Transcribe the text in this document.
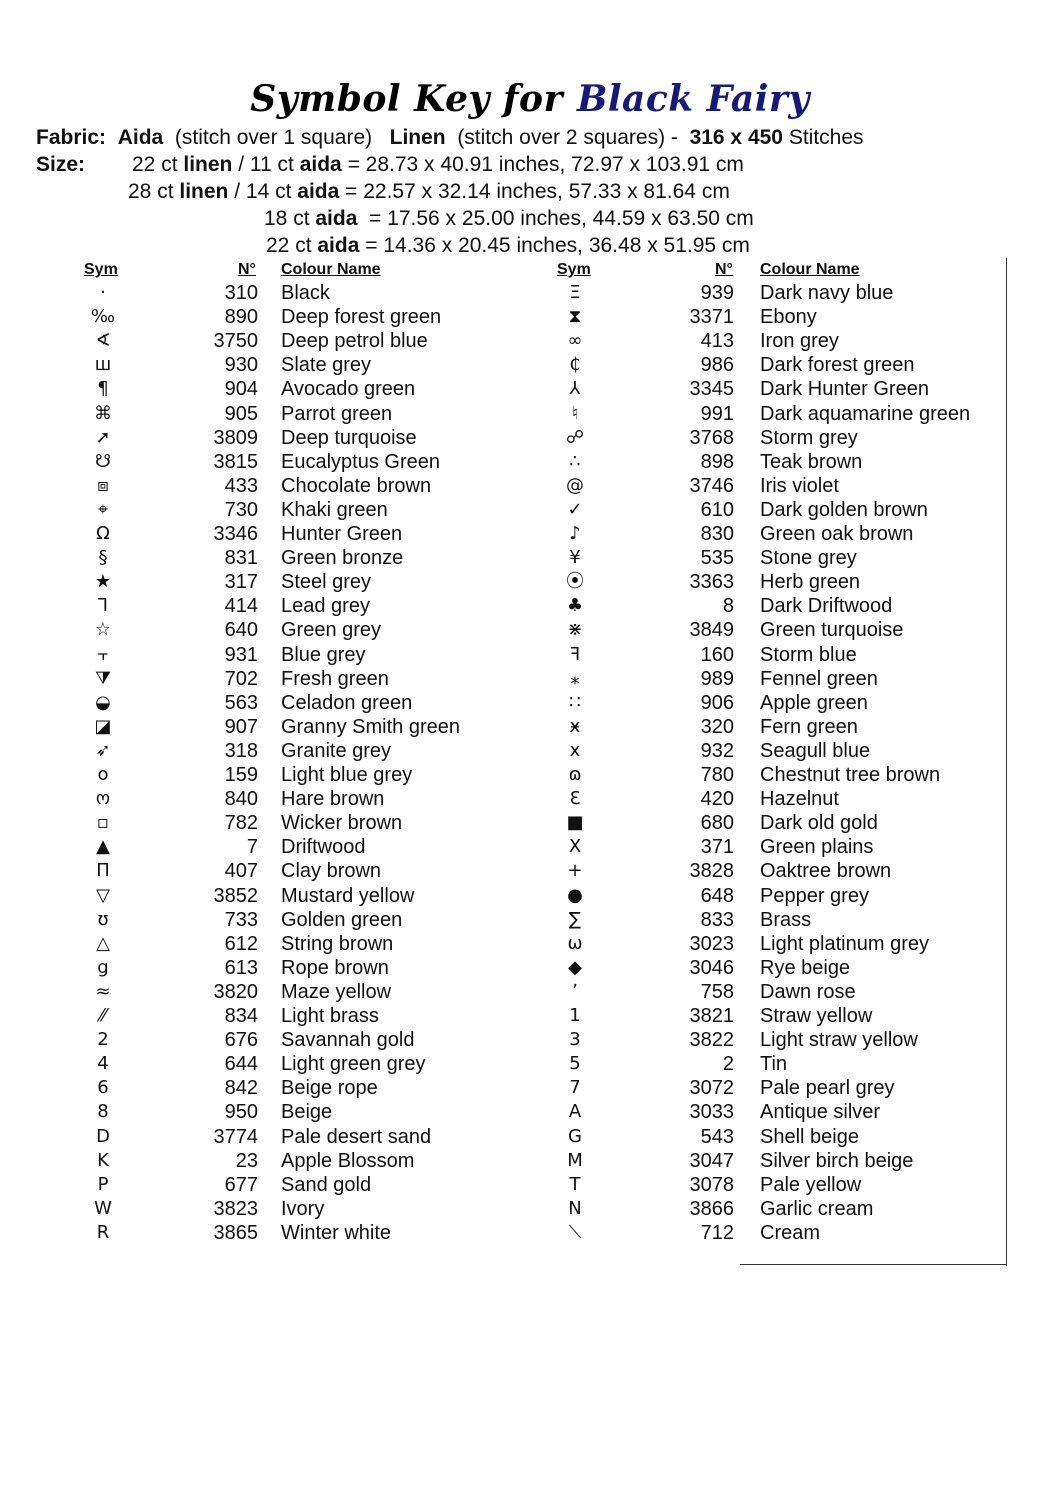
Symbol Key for Black Fairy
Fabric: Aida (stitch over 1 square) Linen (stitch over 2 squares) - 316 x 450 Stitches
Size: 22 ct linen / 11 ct aida = 28.73 x 40.91 inches, 72.97 x 103.91 cm
28 ct linen / 14 ct aida = 22.57 x 32.14 inches, 57.33 x 81.64 cm
18 ct aida  = 17.56 x 25.00 inches, 44.59 x 63.50 cm
22 ct aida = 14.36 x 20.45 inches, 36.48 x 51.95 cm
Sym	N° Colour Name	Sym	N° Colour Name
·	310 Black
‰	890 Deep forest green
∢	3750 Deep petrol blue
ш	930 Slate grey
¶	904 Avocado green
⌘	905 Parrot green
➚	3809 Deep turquoise
☋	3815 Eucalyptus Green
⧈	433 Chocolate brown
⌖	730 Khaki green
Ω	3346 Hunter Green
§	831 Green bronze
★	317 Steel grey
ꓶ	414 Lead grey
☆	640 Green grey
⫟	931 Blue grey
⧩	702 Fresh green
◒	563 Celadon green
◪	907 Granny Smith green
➶	318 Granite grey
ο	159 Light blue grey
ო	840 Hare brown
▫	782 Wicker brown
▲	7 Driftwood
Π	407 Clay brown
▽	3852 Mustard yellow
ʊ	733 Golden green
△	612 String brown
g	613 Rope brown
≈	3820 Maze yellow
⁄⁄	834 Light brass
2	676 Savannah gold
4	644 Light green grey
6	842 Beige rope
8	950 Beige
D	3774 Pale desert sand
K	23 Apple Blossom
P	677 Sand gold
W	3823 Ivory
R	3865 Winter white
Ξ	939 Dark navy blue
⧗	3371 Ebony
∞	413 Iron grey
₵	986 Dark forest green
⅄	3345 Dark Hunter Green
♮	991 Dark aquamarine green
☍	3768 Storm grey
∴	898 Teak brown
@	3746 Iris violet
✓	610 Dark golden brown
♪	830 Green oak brown
¥	535 Stone grey
⦿	3363 Herb green
♣	8 Dark Driftwood
⋇	3849 Green turquoise
ꟻ	160 Storm blue
⁎	989 Fennel green
∷	906 Apple green
ӿ	320 Fern green
x	932 Seagull blue
ɷ	780 Chestnut tree brown
Ɛ	420 Hazelnut
■	680 Dark old gold
Ⅹ	371 Green plains
+	3828 Oaktree brown
●	648 Pepper grey
∑	833 Brass
ω	3023 Light platinum grey
◆	3046 Rye beige
٬	758 Dawn rose
1	3821 Straw yellow
3	3822 Light straw yellow
5	2 Tin
7	3072 Pale pearl grey
A	3033 Antique silver
G	543 Shell beige
M	3047 Silver birch beige
T	3078 Pale yellow
N	3866 Garlic cream
⟍	712 Cream
